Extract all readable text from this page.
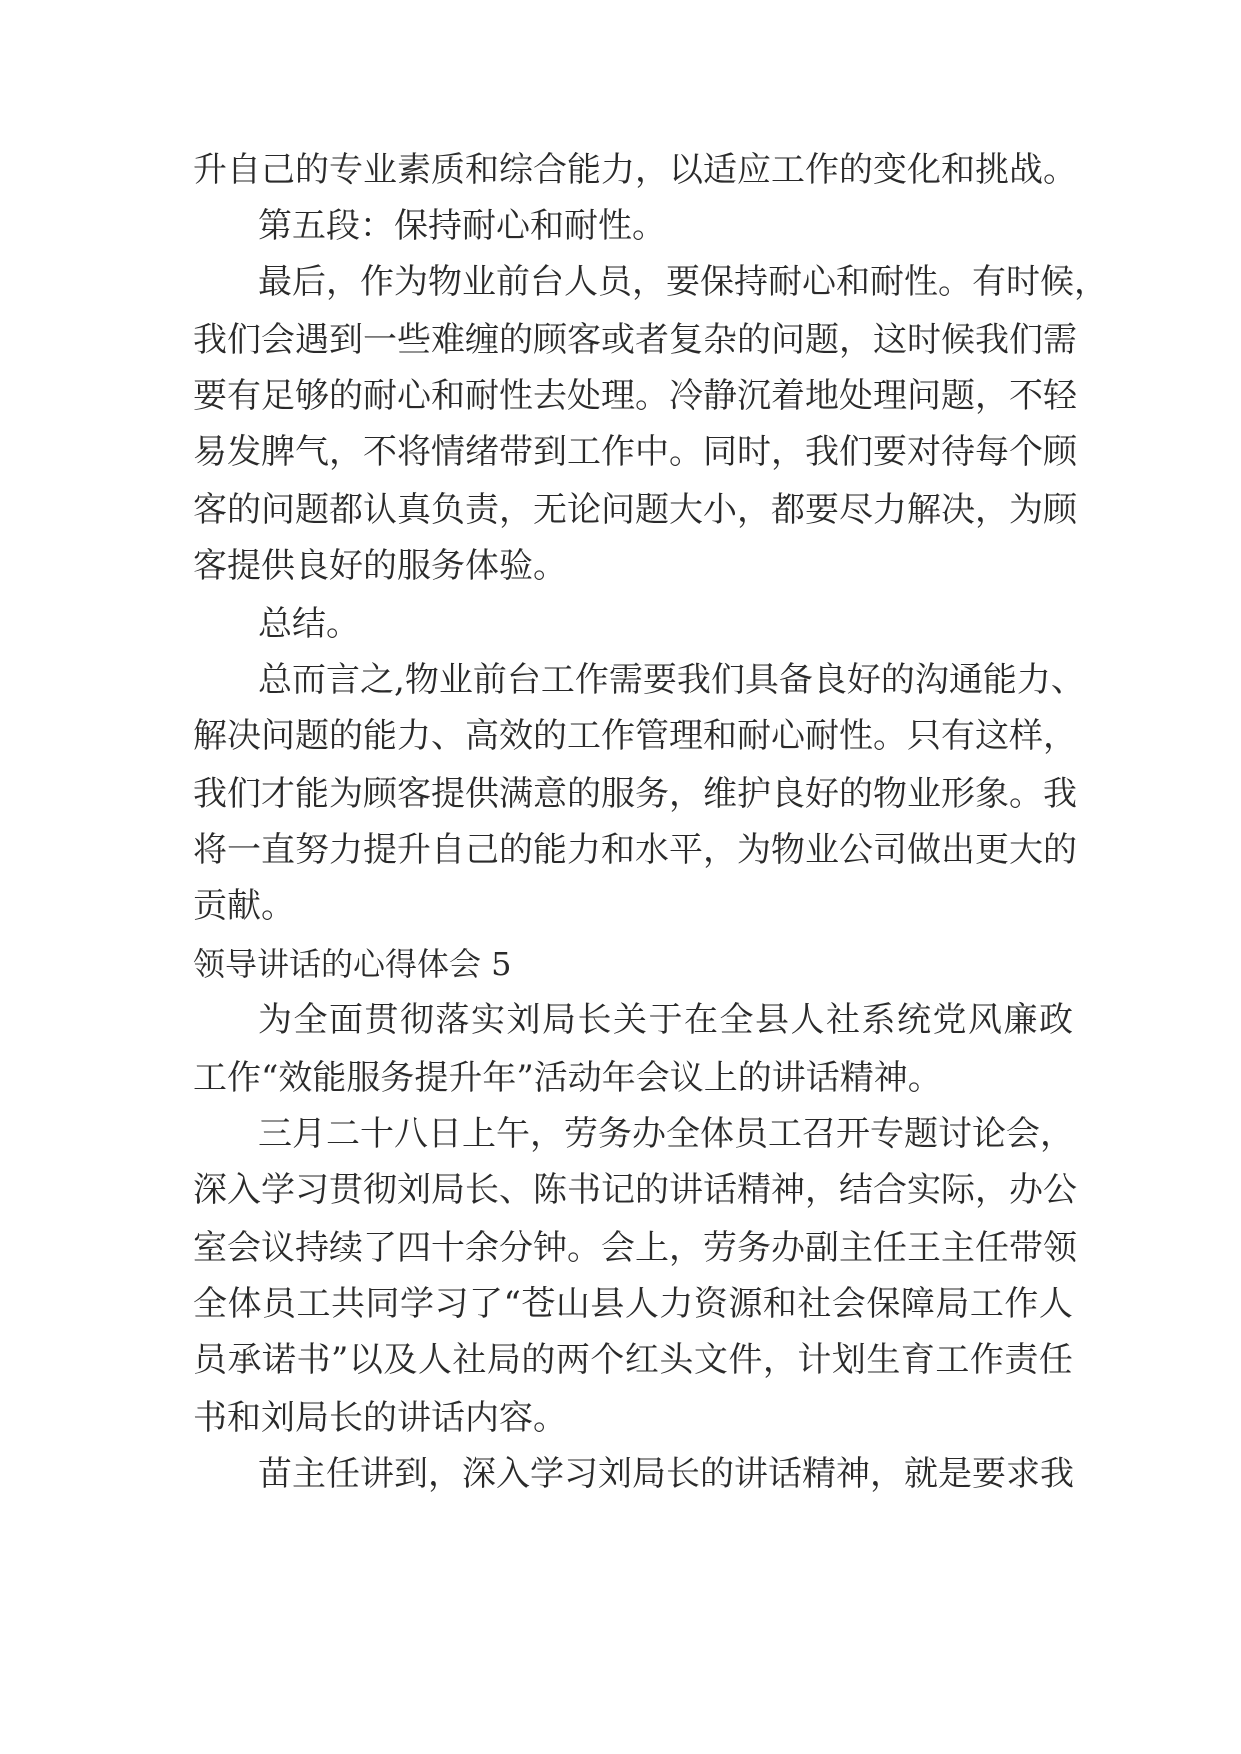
升 自 己 的 专 业 素 质 和 综 合 能 力 ， 以 适 应 工 作 的 变 化 和 挑 战 。
第五段：保持耐心和耐性。
最 后 ， 作 为 物 业 前 台 人 员 ， 要 保 持 耐 心 和 耐 性 。 有 时 候 ，
我 们 会 遇 到 一 些 难 缠 的 顾 客 或 者 复 杂 的 问 题 ， 这 时 候 我 们 需
要 有 足 够 的 耐 心 和 耐 性 去 处 理 。 冷 静 沉 着 地 处 理 问 题 ， 不 轻
易 发 脾 气 ， 不 将 情 绪 带 到 工 作 中 。 同 时 ， 我 们 要 对 待 每 个 顾
客 的 问 题 都 认 真 负 责 ， 无 论 问 题 大 小 ， 都 要 尽 力 解 决 ， 为 顾
客提供良好的服务体验。
总结。
总 而 言 之 , 物 业 前 台 工 作 需 要 我 们 具 备 良 好 的 沟 通 能 力 、
解 决 问 题 的 能 力 、 高 效 的 工 作 管 理 和 耐 心 耐 性 。 只 有 这 样 ，
我 们 才 能 为 顾 客 提 供 满 意 的 服 务 ， 维 护 良 好 的 物 业 形 象 。 我
将 一 直 努 力 提 升 自 己 的 能 力 和 水 平 ， 为 物 业 公 司 做 出 更 大 的
贡献。
领导讲话的心得体会 5
为 全 面 贯 彻 落 实 刘 局 长 关 于 在 全 县 人 社 系 统 党 风 廉 政
工作“效能服务提升年”活动年会议上的讲话精神。
三 月 二 十 八 日 上 午 ， 劳 务 办 全 体 员 工 召 开 专 题 讨 论 会 ，
深 入 学 习 贯 彻 刘 局 长 、 陈 书 记 的 讲 话 精 神 ， 结 合 实 际 ， 办 公
室 会 议 持 续 了 四 十 余 分 钟 。 会 上 ， 劳 务 办 副 主 任 王 主 任 带 领
全 体 员 工 共 同 学 习 了 “ 苍 山 县 人 力 资 源 和 社 会 保 障 局 工 作 人
员 承 诺 书 ” 以 及 人 社 局 的 两 个 红 头 文 件 ， 计 划 生 育 工 作 责 任
书和刘局长的讲话内容。
苗 主 任 讲 到 ， 深 入 学 习 刘 局 长 的 讲 话 精 神 ， 就 是 要 求 我
